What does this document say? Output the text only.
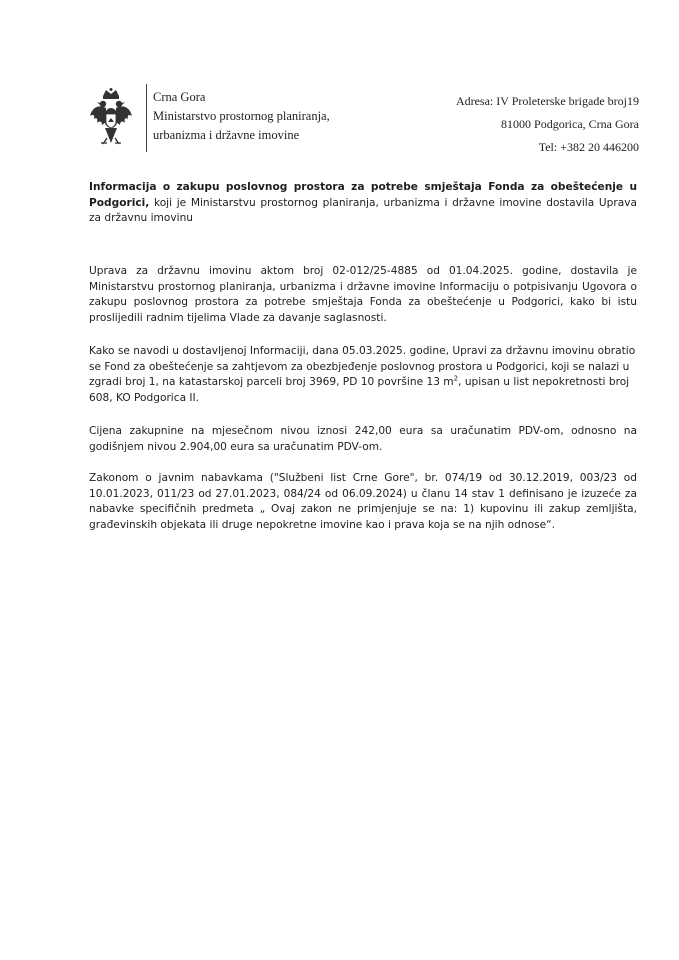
Crna Gora
Ministarstvo prostornog planiranja,
urbanizma i državne imovine
Adresa: IV Proleterske brigade broj19
81000 Podgorica, Crna Gora
Tel: +382 20 446200
Informacija o zakupu poslovnog prostora za potrebe smještaja Fonda za obeštećenje u Podgorici, koji je Ministarstvu prostornog planiranja, urbanizma i državne imovine dostavila Uprava za državnu imovinu

Uprava za državnu imovinu aktom broj 02-012/25-4885 od 01.04.2025. godine, dostavila je Ministarstvu prostornog planiranja, urbanizma i državne imovine Informaciju o potpisivanju Ugovora o zakupu poslovnog prostora za potrebe smještaja Fonda za obeštećenje u Podgorici, kako bi istu proslijedili radnim tijelima Vlade za davanje saglasnosti.

Kako se navodi u dostavljenoj Informaciji, dana 05.03.2025. godine, Upravi za državnu imovinu obratio se Fond za obeštećenje sa zahtjevom za obezbjeđenje poslovnog prostora u Podgorici, koji se nalazi u zgradi broj 1, na katastarskoj parceli broj 3969, PD 10 površine 13 $m^2$, upisan u list nepokretnosti broj 608, KO Podgorica II.

Cijena zakupnine na mjesečnom nivou iznosi 242,00 eura sa uračunatim PDV-om, odnosno na godišnjem nivou 2.904,00 eura sa uračunatim PDV-om.

Zakonom o javnim nabavkama ("Službeni list Crne Gore", br. 074/19 od 30.12.2019, 003/23 od 10.01.2023, 011/23 od 27.01.2023, 084/24 od 06.09.2024) u članu 14 stav 1 definisano je izuzeće za nabavke specifičnih predmeta „ Ovaj zakon ne primjenjuje se na: 1) kupovinu ili zakup zemljišta, građevinskih objekata ili druge nepokretne imovine kao i prava koja se na njih odnose“.
